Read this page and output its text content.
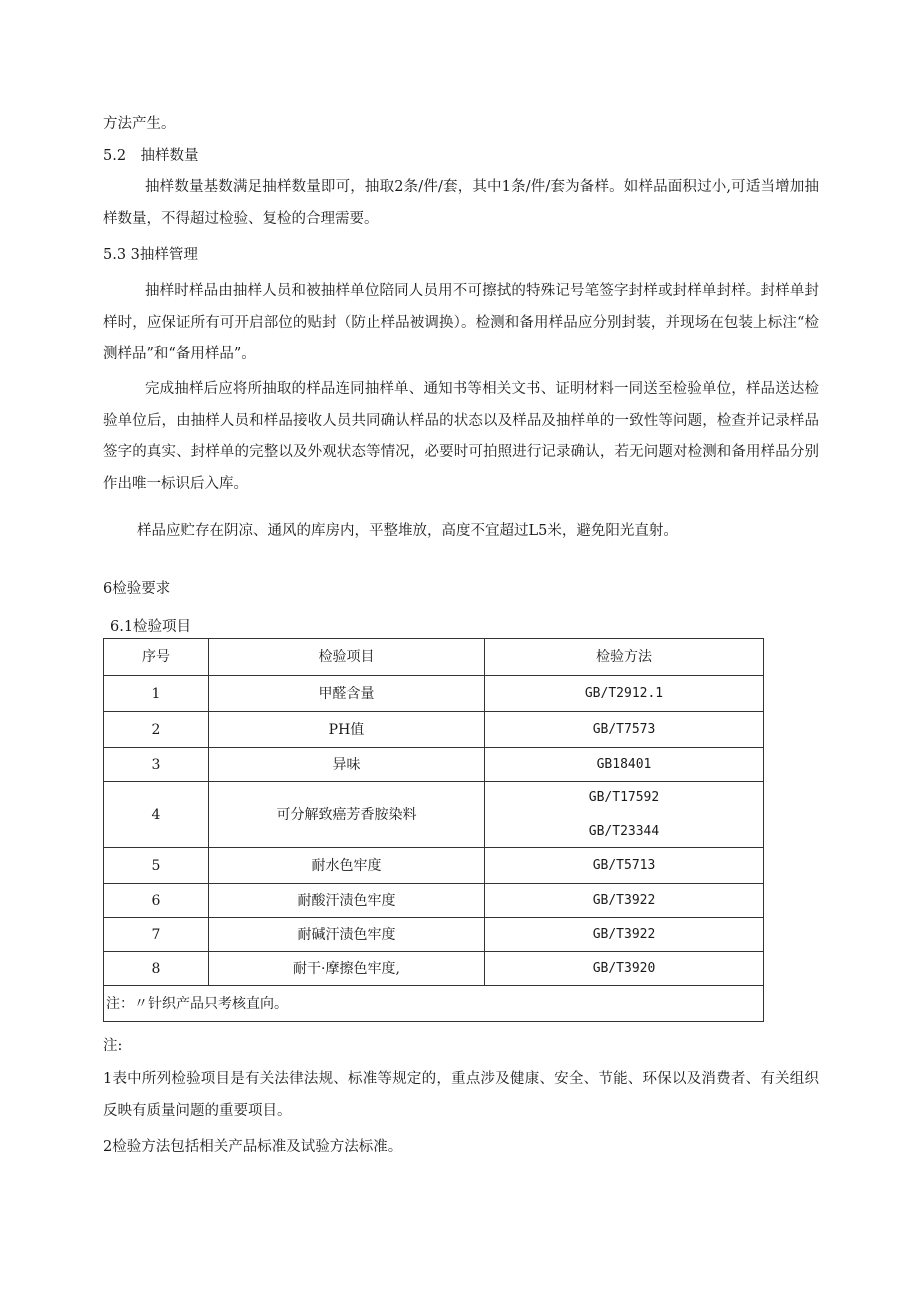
方法产生。
5.2　抽样数量
抽样数量基数满足抽样数量即可，抽取2条/件/套，其中1条/件/套为备样。如样品面积过小,可适当增加抽样数量，不得超过检验、复检的合理需要。
5.3 3抽样管理
抽样时样品由抽样人员和被抽样单位陪同人员用不可擦拭的特殊记号笔签字封样或封样单封样。封样单封样时，应保证所有可开启部位的贴封（防止样品被调换）。检测和备用样品应分别封装，并现场在包装上标注“检测样品”和“备用样品”。
完成抽样后应将所抽取的样品连同抽样单、通知书等相关文书、证明材料一同送至检验单位，样品送达检验单位后，由抽样人员和样品接收人员共同确认样品的状态以及样品及抽样单的一致性等问题，检查并记录样品签字的真实、封样单的完整以及外观状态等情况，必要时可拍照进行记录确认，若无问题对检测和备用样品分别作出唯一标识后入库。
样品应贮存在阴凉、通风的库房内，平整堆放，高度不宜超过L5米，避免阳光直射。
6检验要求
6.1检验项目
序号	检验项目	检验方法
1	甲醛含量	GB/T2912.1
2	PH值	GB/T7573
3	异味	GB18401
4	可分解致癌芳香胺染料	GB/T17592
GB/T23344

5	耐水色牢度	GB/T5713
6	耐酸汗渍色牢度	GB/T3922
7	耐碱汗渍色牢度	GB/T3922
8	耐干·摩擦色牢度,	GB/T3920
注：〃针织产品只考核直向。		
注:
1表中所列检验项目是有关法律法规、标准等规定的，重点涉及健康、安全、节能、环保以及消费者、有关组织反映有质量问题的重要项目。
2检验方法包括相关产品标准及试验方法标准。
